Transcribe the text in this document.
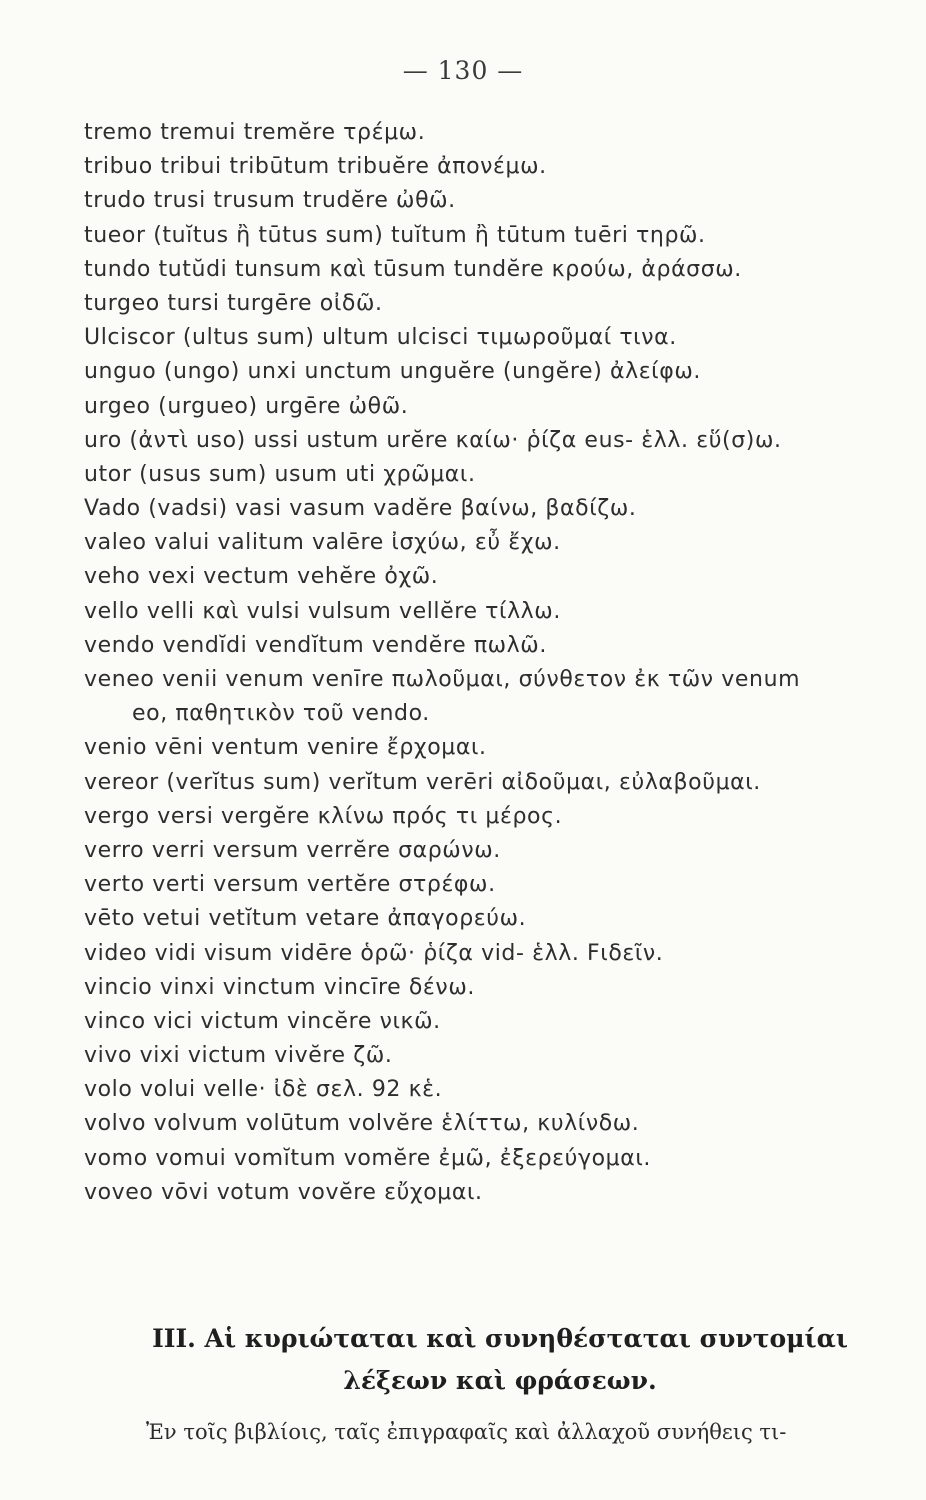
— 130 —
tremo tremui tremĕre τρέμω.
tribuo tribui tribūtum tribuĕre ἀπονέμω.
trudo trusi trusum trudĕre ὠθῶ.
tueor (tuĭtus ἢ tūtus sum) tuĭtum ἢ tūtum tuēri τηρῶ.
tundo tutŭdi tunsum καὶ tūsum tundĕre κρούω, ἀράσσω.
turgeo tursi turgēre οἰδῶ.
Ulciscor (ultus sum) ultum ulcisci τιμωροῦμαί τινα.
unguo (ungo) unxi unctum unguĕre (ungĕre) ἀλείφω.
urgeo (urgueo) urgēre ὠθῶ.
uro (ἀντὶ uso) ussi ustum urĕre καίω· ῥίζα eus- ἑλλ. εὕ(σ)ω.
utor (usus sum) usum uti χρῶμαι.
Vado (vadsi) vasi vasum vadĕre βαίνω, βαδίζω.
valeo valui valitum valēre ἰσχύω, εὖ ἔχω.
veho vexi vectum vehĕre ὀχῶ.
vello velli καὶ vulsi vulsum vellĕre τίλλω.
vendo vendĭdi vendĭtum vendĕre πωλῶ.
veneo venii venum venīre πωλοῦμαι, σύνθετον ἐκ τῶν venum
eo, παθητικὸν τοῦ vendo.
venio vēni ventum venire ἔρχομαι.
vereor (verĭtus sum) verĭtum verēri αἰδοῦμαι, εὐλαβοῦμαι.
vergo versi vergĕre κλίνω πρός τι μέρος.
verro verri versum verrĕre σαρώνω.
verto verti versum vertĕre στρέφω.
vēto vetui vetĭtum vetare ἀπαγορεύω.
video vidi visum vidēre ὁρῶ· ῥίζα vid- ἑλλ. Ϝιδεῖν.
vincio vinxi vinctum vincīre δένω.
vinco vici victum vincĕre νικῶ.
vivo vixi victum vivĕre ζῶ.
volo volui velle· ἰδὲ σελ. 92 κἑ.
volvo volvum volūtum volvĕre ἑλίττω, κυλίνδω.
vomo vomui vomĭtum vomĕre ἐμῶ, ἐξερεύγομαι.
voveo vōvi votum vovĕre εὔχομαι.
III. Αἱ κυριώταται καὶ συνηθέσταται συντομίαι
λέξεων καὶ φράσεων.

Ἐν τοῖς βιβλίοις, ταῖς ἐπιγραφαῖς καὶ ἀλλαχοῦ συνήθεις τι-
